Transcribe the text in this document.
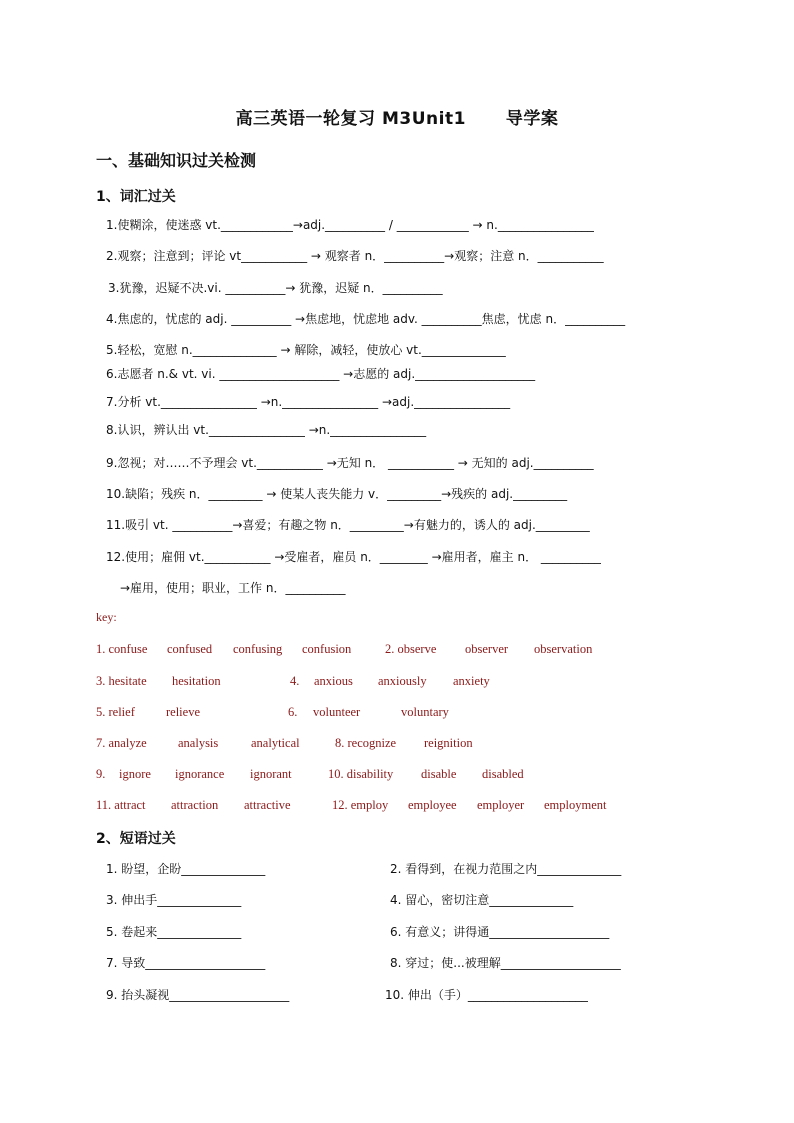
高三英语一轮复习 M3Unit1 导学案
一、基础知识过关检测
1、词汇过关
1.使糊涂，使迷惑 vt.____________→adj.__________ / ____________ → n.________________
2.观察；注意到；评论 vt___________ → 观察者 n．__________→观察；注意 n．___________
3.犹豫，迟疑不决.vi. __________→ 犹豫，迟疑 n．__________
4.焦虑的，忧虑的 adj. __________ →焦虑地，忧虑地 adv. __________焦虑，忧虑 n．__________
5.轻松，宽慰 n.______________ → 解除，减轻，使放心 vt.______________
6.志愿者 n.& vt. vi. ____________________ →志愿的 adj.____________________
7.分析 vt.________________ →n.________________ →adj.________________
8.认识，辨认出 vt.________________ →n.________________
9.忽视；对……不予理会 vt.___________ →无知 n． ___________ → 无知的 adj.__________
10.缺陷；残疾 n．_________ → 使某人丧失能力 v．_________→残疾的 adj._________
11.吸引 vt. __________→喜爱；有趣之物 n．_________→有魅力的，诱人的 adj._________
12.使用；雇佣 vt.___________ →受雇者，雇员 n．________ →雇用者，雇主 n． __________
→雇用，使用；职业，工作 n．__________
key:
1. confuse confused confusing confusion	2. observe observer observation
3. hesitate hesitation	4. anxious anxiously anxiety
5. relief relieve	6. volunteer	voluntary
7. analyze	analysis	analytical	8. recognize reignition
9. ignore ignorance ignorant	10. disability disable disabled
11. attract attraction attractive	12. employ employee employer employment
2、短语过关
1. 盼望，企盼______________	2. 看得到，在视力范围之内______________
3. 伸出手______________	4. 留心，密切注意______________
5. 卷起来______________	6. 有意义；讲得通____________________
7. 导致____________________	8. 穿过；使...被理解____________________
9. 抬头凝视____________________	10. 伸出（手）____________________
